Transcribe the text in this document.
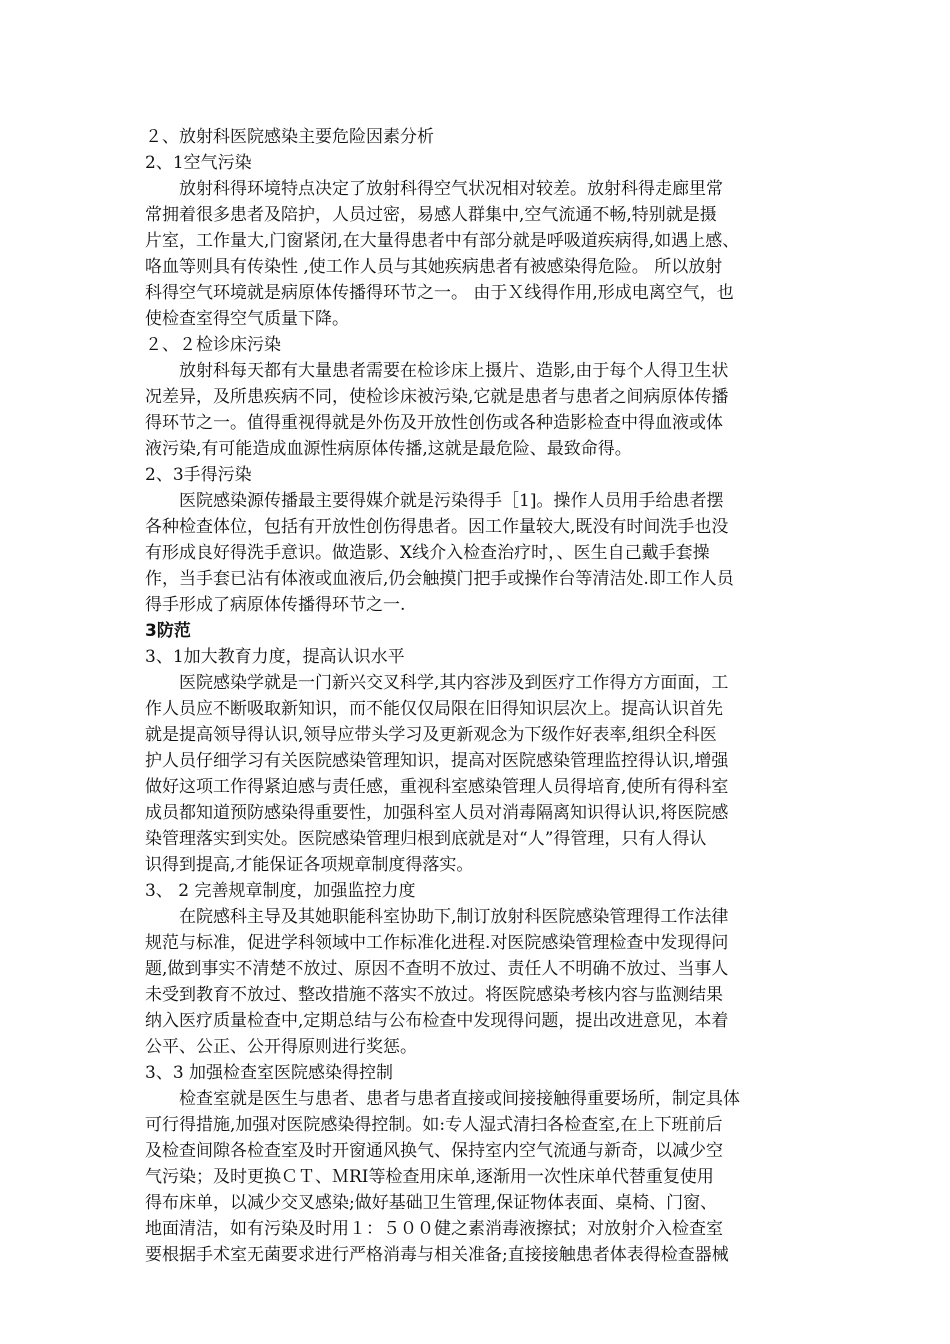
２、放射科医院感染主要危险因素分析
2、1空气污染
放射科得环境特点决定了放射科得空气状况相对较差。放射科得走廊里常
常拥着很多患者及陪护，人员过密，易感人群集中,空气流通不畅,特别就是摄
片室，工作量大,门窗紧闭,在大量得患者中有部分就是呼吸道疾病得,如遇上感、
咯血等则具有传染性 ,使工作人员与其她疾病患者有被感染得危险。 所以放射
科得空气环境就是病原体传播得环节之一。 由于Ｘ线得作用,形成电离空气，也
使检查室得空气质量下降。
２、２检诊床污染
放射科每天都有大量患者需要在检诊床上摄片、造影,由于每个人得卫生状
况差异，及所患疾病不同，使检诊床被污染,它就是患者与患者之间病原体传播
得环节之一。值得重视得就是外伤及开放性创伤或各种造影检查中得血液或体
液污染,有可能造成血源性病原体传播,这就是最危险、最致命得。
2、3手得污染
医院感染源传播最主要得媒介就是污染得手［1]。操作人员用手给患者摆
各种检查体位，包括有开放性创伤得患者。因工作量较大,既没有时间洗手也没
有形成良好得洗手意识。做造影、X线介入检查治疗时，、医生自己戴手套操
作，当手套已沾有体液或血液后,仍会触摸门把手或操作台等清洁处.即工作人员
得手形成了病原体传播得环节之一.
3防范
3、1加大教育力度，提高认识水平
医院感染学就是一门新兴交叉科学,其内容涉及到医疗工作得方方面面，工
作人员应不断吸取新知识，而不能仅仅局限在旧得知识层次上。提高认识首先
就是提高领导得认识,领导应带头学习及更新观念为下级作好表率,组织全科医
护人员仔细学习有关医院感染管理知识，提高对医院感染管理监控得认识,增强
做好这项工作得紧迫感与责任感，重视科室感染管理人员得培育,使所有得科室
成员都知道预防感染得重要性，加强科室人员对消毒隔离知识得认识,将医院感
染管理落实到实处。医院感染管理归根到底就是对“人”得管理，只有人得认
识得到提高,才能保证各项规章制度得落实。
3、 2 完善规章制度，加强监控力度
在院感科主导及其她职能科室协助下,制订放射科医院感染管理得工作法律
规范与标准，促进学科领域中工作标准化进程.对医院感染管理检查中发现得问
题,做到事实不清楚不放过、原因不查明不放过、责任人不明确不放过、当事人
未受到教育不放过、整改措施不落实不放过。将医院感染考核内容与监测结果
纳入医疗质量检查中,定期总结与公布检查中发现得问题，提出改进意见，本着
公平、公正、公开得原则进行奖惩。
3、3 加强检查室医院感染得控制
检查室就是医生与患者、患者与患者直接或间接接触得重要场所，制定具体
可行得措施,加强对医院感染得控制。如:专人湿式清扫各检查室,在上下班前后
及检查间隙各检查室及时开窗通风换气、保持室内空气流通与新奇，以减少空
气污染；及时更换ＣＴ、ＭRI等检查用床单,逐渐用一次性床单代替重复使用
得布床单，以减少交叉感染;做好基础卫生管理,保证物体表面、桌椅、门窗、
地面清洁，如有污染及时用１：５００健之素消毒液擦拭；对放射介入检查室
要根据手术室无菌要求进行严格消毒与相关准备;直接接触患者体表得检查器械
